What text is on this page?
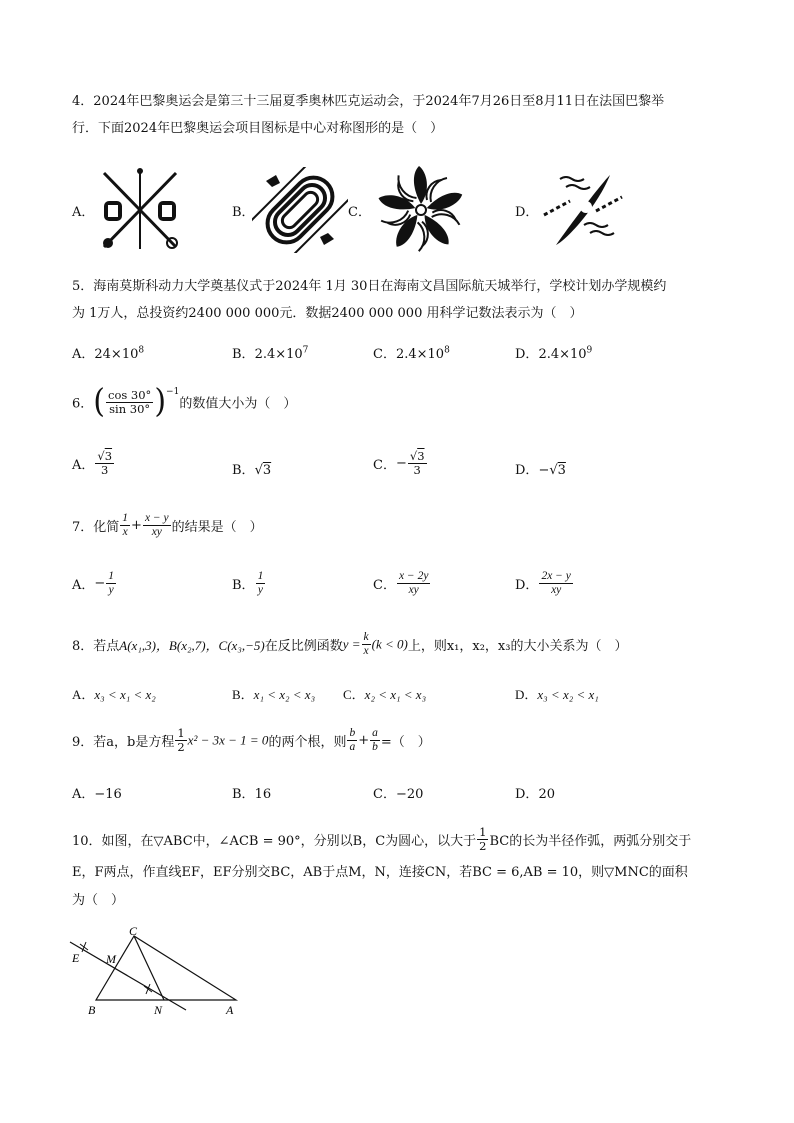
4．2024年巴黎奥运会是第三十三届夏季奥林匹克运动会，于2024年7月26日至8月11日在法国巴黎举
行．下面2024年巴黎奥运会项目图标是中心对称图形的是（　）
A．	B．	C．	D．
5．海南莫斯科动力大学奠基仪式于2024年 1月 30日在海南文昌国际航天城举行，学校计划办学规模约
为 1万人，总投资约2400 000 000元．数据2400 000 000 用科学记数法表示为（　）
A．$24\times 10^8$	B．$2.4\times 10^7$	C．$2.4\times 10^8$	D．$2.4\times 10^9$
6．( $\frac{\cos 30^\circ}{\sin 30^\circ} )^{-1}$的数值大小为（　）
A． $\frac{√3}{3}$	B．√3	C．− $\frac{√3}{3}$	D．−√3
7．化简 $\frac{1}{x} + \frac{x - y}{xy}$ 的结果是（　）
A．− $\frac{1}{y}$	B． $\frac{1}{y}$	C． $\frac{x - 2y}{xy}$	D． $\frac{2x - y}{xy}$
8．若点A(x₁,3)，B(x₂,7)，C(x₃,−5)在反比例函数$y = \frac{k}{x} (k < 0)$上，则x₁，x₂，x₃的大小关系为（　）
A．x₃ < x₁ < x₂	B．x₁ < x₂ < x₃ C．x₂ < x₁ < x₃	D．x₃ < x₂ < x₁
9．若a，b是方程 $\frac{1}{2} x^2 - 3x - 1 = 0$的两个根，则 $\frac{b}{a} + \frac{a}{b}$ =（　）
A．−16	B．16	C．−20	D．20
10．如图，在▽ABC中，∠ACB = 90°，分别以B，C为圆心，以大于 $\frac{1}{2}$ BC的长为半径作弧，两弧分别交于
E，F两点，作直线EF，EF分别交BC，AB于点M，N，连接CN，若BC = 6,AB = 10，则▽MNC的面积
为（　）
C
E M
B	N	A
